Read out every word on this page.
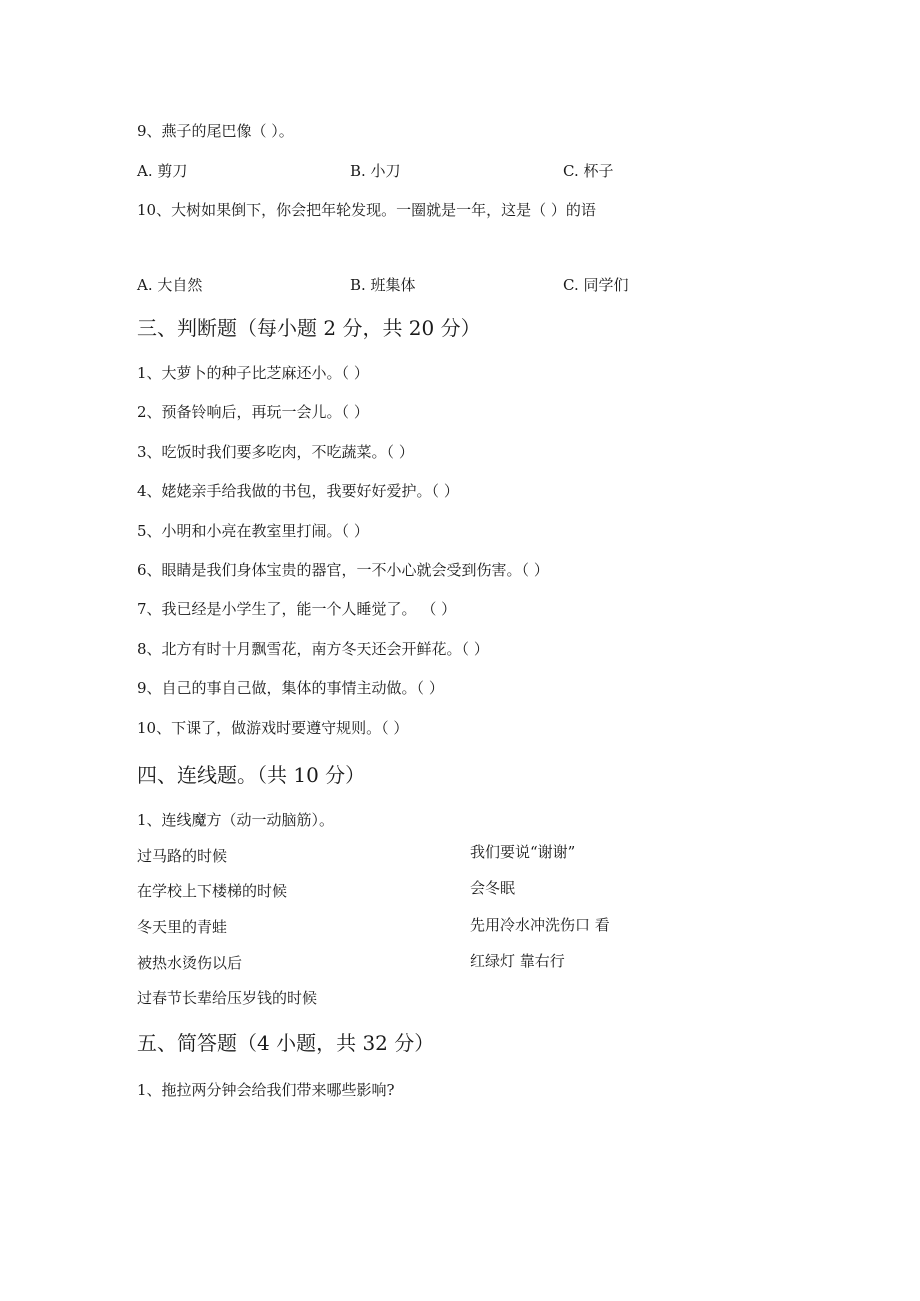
9、燕子的尾巴像（ ）。
A. 剪刀	B. 小刀	C. 杯子
10、大树如果倒下，你会把年轮发现。一圈就是一年，这是（ ）的语
A. 大自然	B. 班集体	C. 同学们
三、判断题（每小题 2 分，共 20 分）
1、大萝卜的种子比芝麻还小。（ ）
2、预备铃响后，再玩一会儿。（ ）
3、吃饭时我们要多吃肉，不吃蔬菜。（ ）
4、姥姥亲手给我做的书包，我要好好爱护。（ ）
5、小明和小亮在教室里打闹。（ ）
6、眼睛是我们身体宝贵的器官，一不小心就会受到伤害。（ ）
7、我已经是小学生了，能一个人睡觉了。 （ ）
8、北方有时十月飘雪花，南方冬天还会开鲜花。（ ）
9、自己的事自己做，集体的事情主动做。（ ）
10、下课了，做游戏时要遵守规则。（ ）
四、连线题。（共 10 分）
1、连线魔方（动一动脑筋）。
过马路的时候
在学校上下楼梯的时候
冬天里的青蛙
被热水烫伤以后
过春节长辈给压岁钱的时候
我们要说“谢谢”
会冬眠
先用冷水冲洗伤口 看
红绿灯 靠右行
五、简答题（4 小题，共 32 分）
1、拖拉两分钟会给我们带来哪些影响?
